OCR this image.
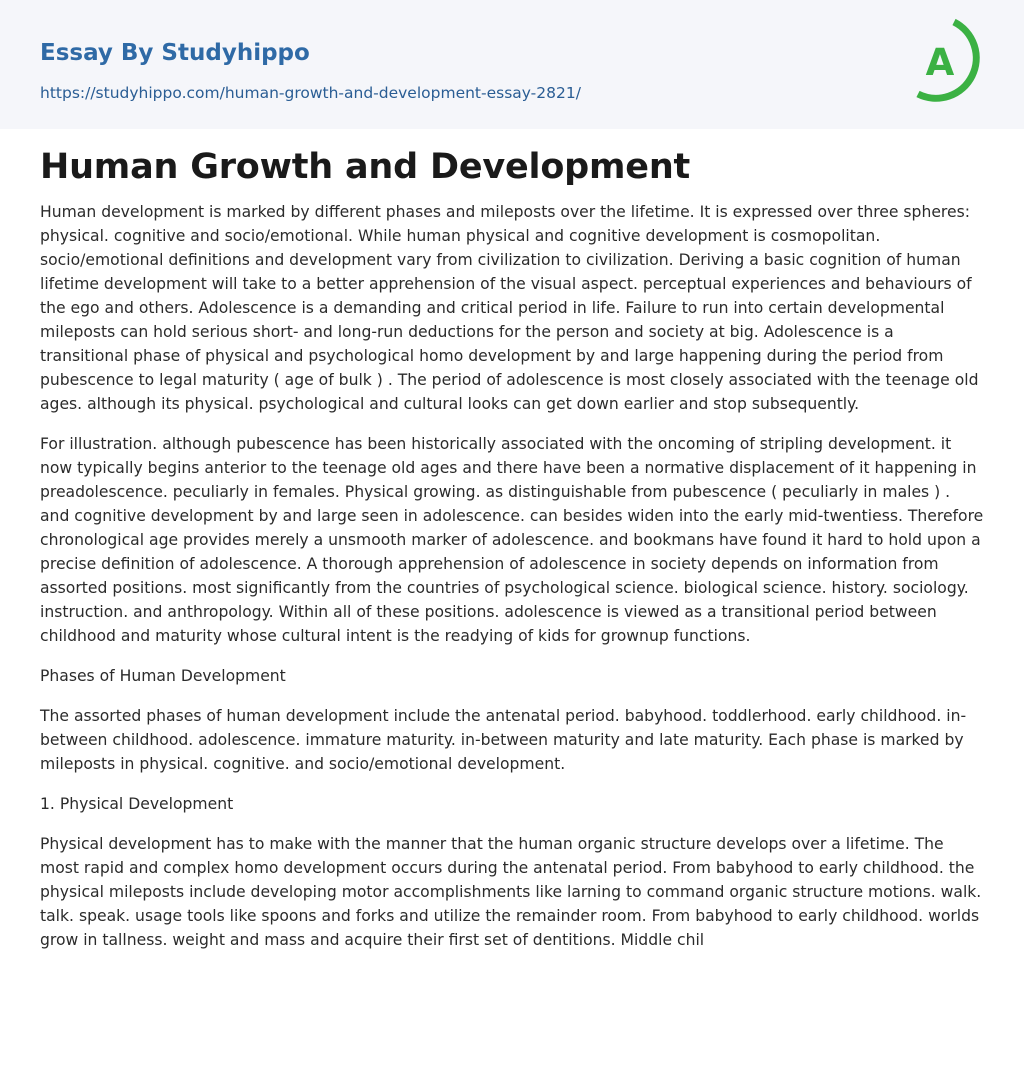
Essay By Studyhippo
https://studyhippo.com/human-growth-and-development-essay-2821/
A
Human Growth and Development

Human development is marked by different phases and mileposts over the lifetime. It is expressed over three spheres: physical. cognitive and socio/emotional. While human physical and cognitive development is cosmopolitan. socio/emotional definitions and development vary from civilization to civilization. Deriving a basic cognition of human lifetime development will take to a better apprehension of the visual aspect. perceptual experiences and behaviours of the ego and others. Adolescence is a demanding and critical period in life. Failure to run into certain developmental mileposts can hold serious short- and long-run deductions for the person and society at big. Adolescence is a transitional phase of physical and psychological homo development by and large happening during the period from pubescence to legal maturity ( age of bulk ) . The period of adolescence is most closely associated with the teenage old ages. although its physical. psychological and cultural looks can get down earlier and stop subsequently.

For illustration. although pubescence has been historically associated with the oncoming of stripling development. it now typically begins anterior to the teenage old ages and there have been a normative displacement of it happening in preadolescence. peculiarly in females. Physical growing. as distinguishable from pubescence ( peculiarly in males ) . and cognitive development by and large seen in adolescence. can besides widen into the early mid-twentiess. Therefore chronological age provides merely a unsmooth marker of adolescence. and bookmans have found it hard to hold upon a precise definition of adolescence. A thorough apprehension of adolescence in society depends on information from assorted positions. most significantly from the countries of psychological science. biological science. history. sociology. instruction. and anthropology. Within all of these positions. adolescence is viewed as a transitional period between childhood and maturity whose cultural intent is the readying of kids for grownup functions.

Phases of Human Development

The assorted phases of human development include the antenatal period. babyhood. toddlerhood. early childhood. in-between childhood. adolescence. immature maturity. in-between maturity and late maturity. Each phase is marked by mileposts in physical. cognitive. and socio/emotional development.

1. Physical Development

Physical development has to make with the manner that the human organic structure develops over a lifetime. The most rapid and complex homo development occurs during the antenatal period. From babyhood to early childhood. the physical mileposts include developing motor accomplishments like larning to command organic structure motions. walk. talk. speak. usage tools like spoons and forks and utilize the remainder room. From babyhood to early childhood. worlds grow in tallness. weight and mass and acquire their first set of dentitions. Middle chil
